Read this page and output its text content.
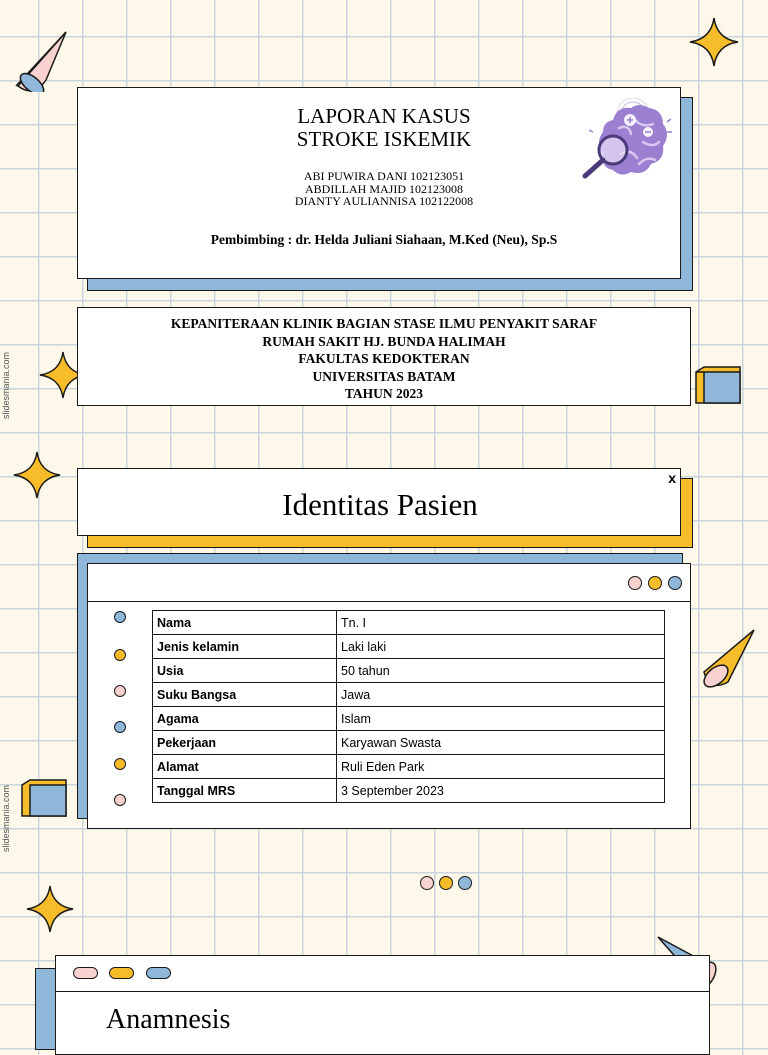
slidesmania.com
slidesmania.com
LAPORAN KASUS
STROKE ISKEMIK
ABI PUWIRA DANI 102123051
ABDILLAH MAJID 102123008
DIANTY AULIANNISA 102122008
Pembimbing : dr. Helda Juliani Siahaan, M.Ked (Neu), Sp.S
KEPANITERAAN KLINIK BAGIAN STASE ILMU PENYAKIT SARAF
RUMAH SAKIT HJ. BUNDA HALIMAH
FAKULTAS KEDOKTERAN
UNIVERSITAS BATAM
TAHUN 2023
Identitas Pasien
x
Nama	Tn. I
Jenis kelamin	Laki laki
Usia	50 tahun
Suku Bangsa	Jawa
Agama	Islam
Pekerjaan	Karyawan Swasta
Alamat	Ruli Eden Park
Tanggal MRS	3 September 2023
Anamnesis
